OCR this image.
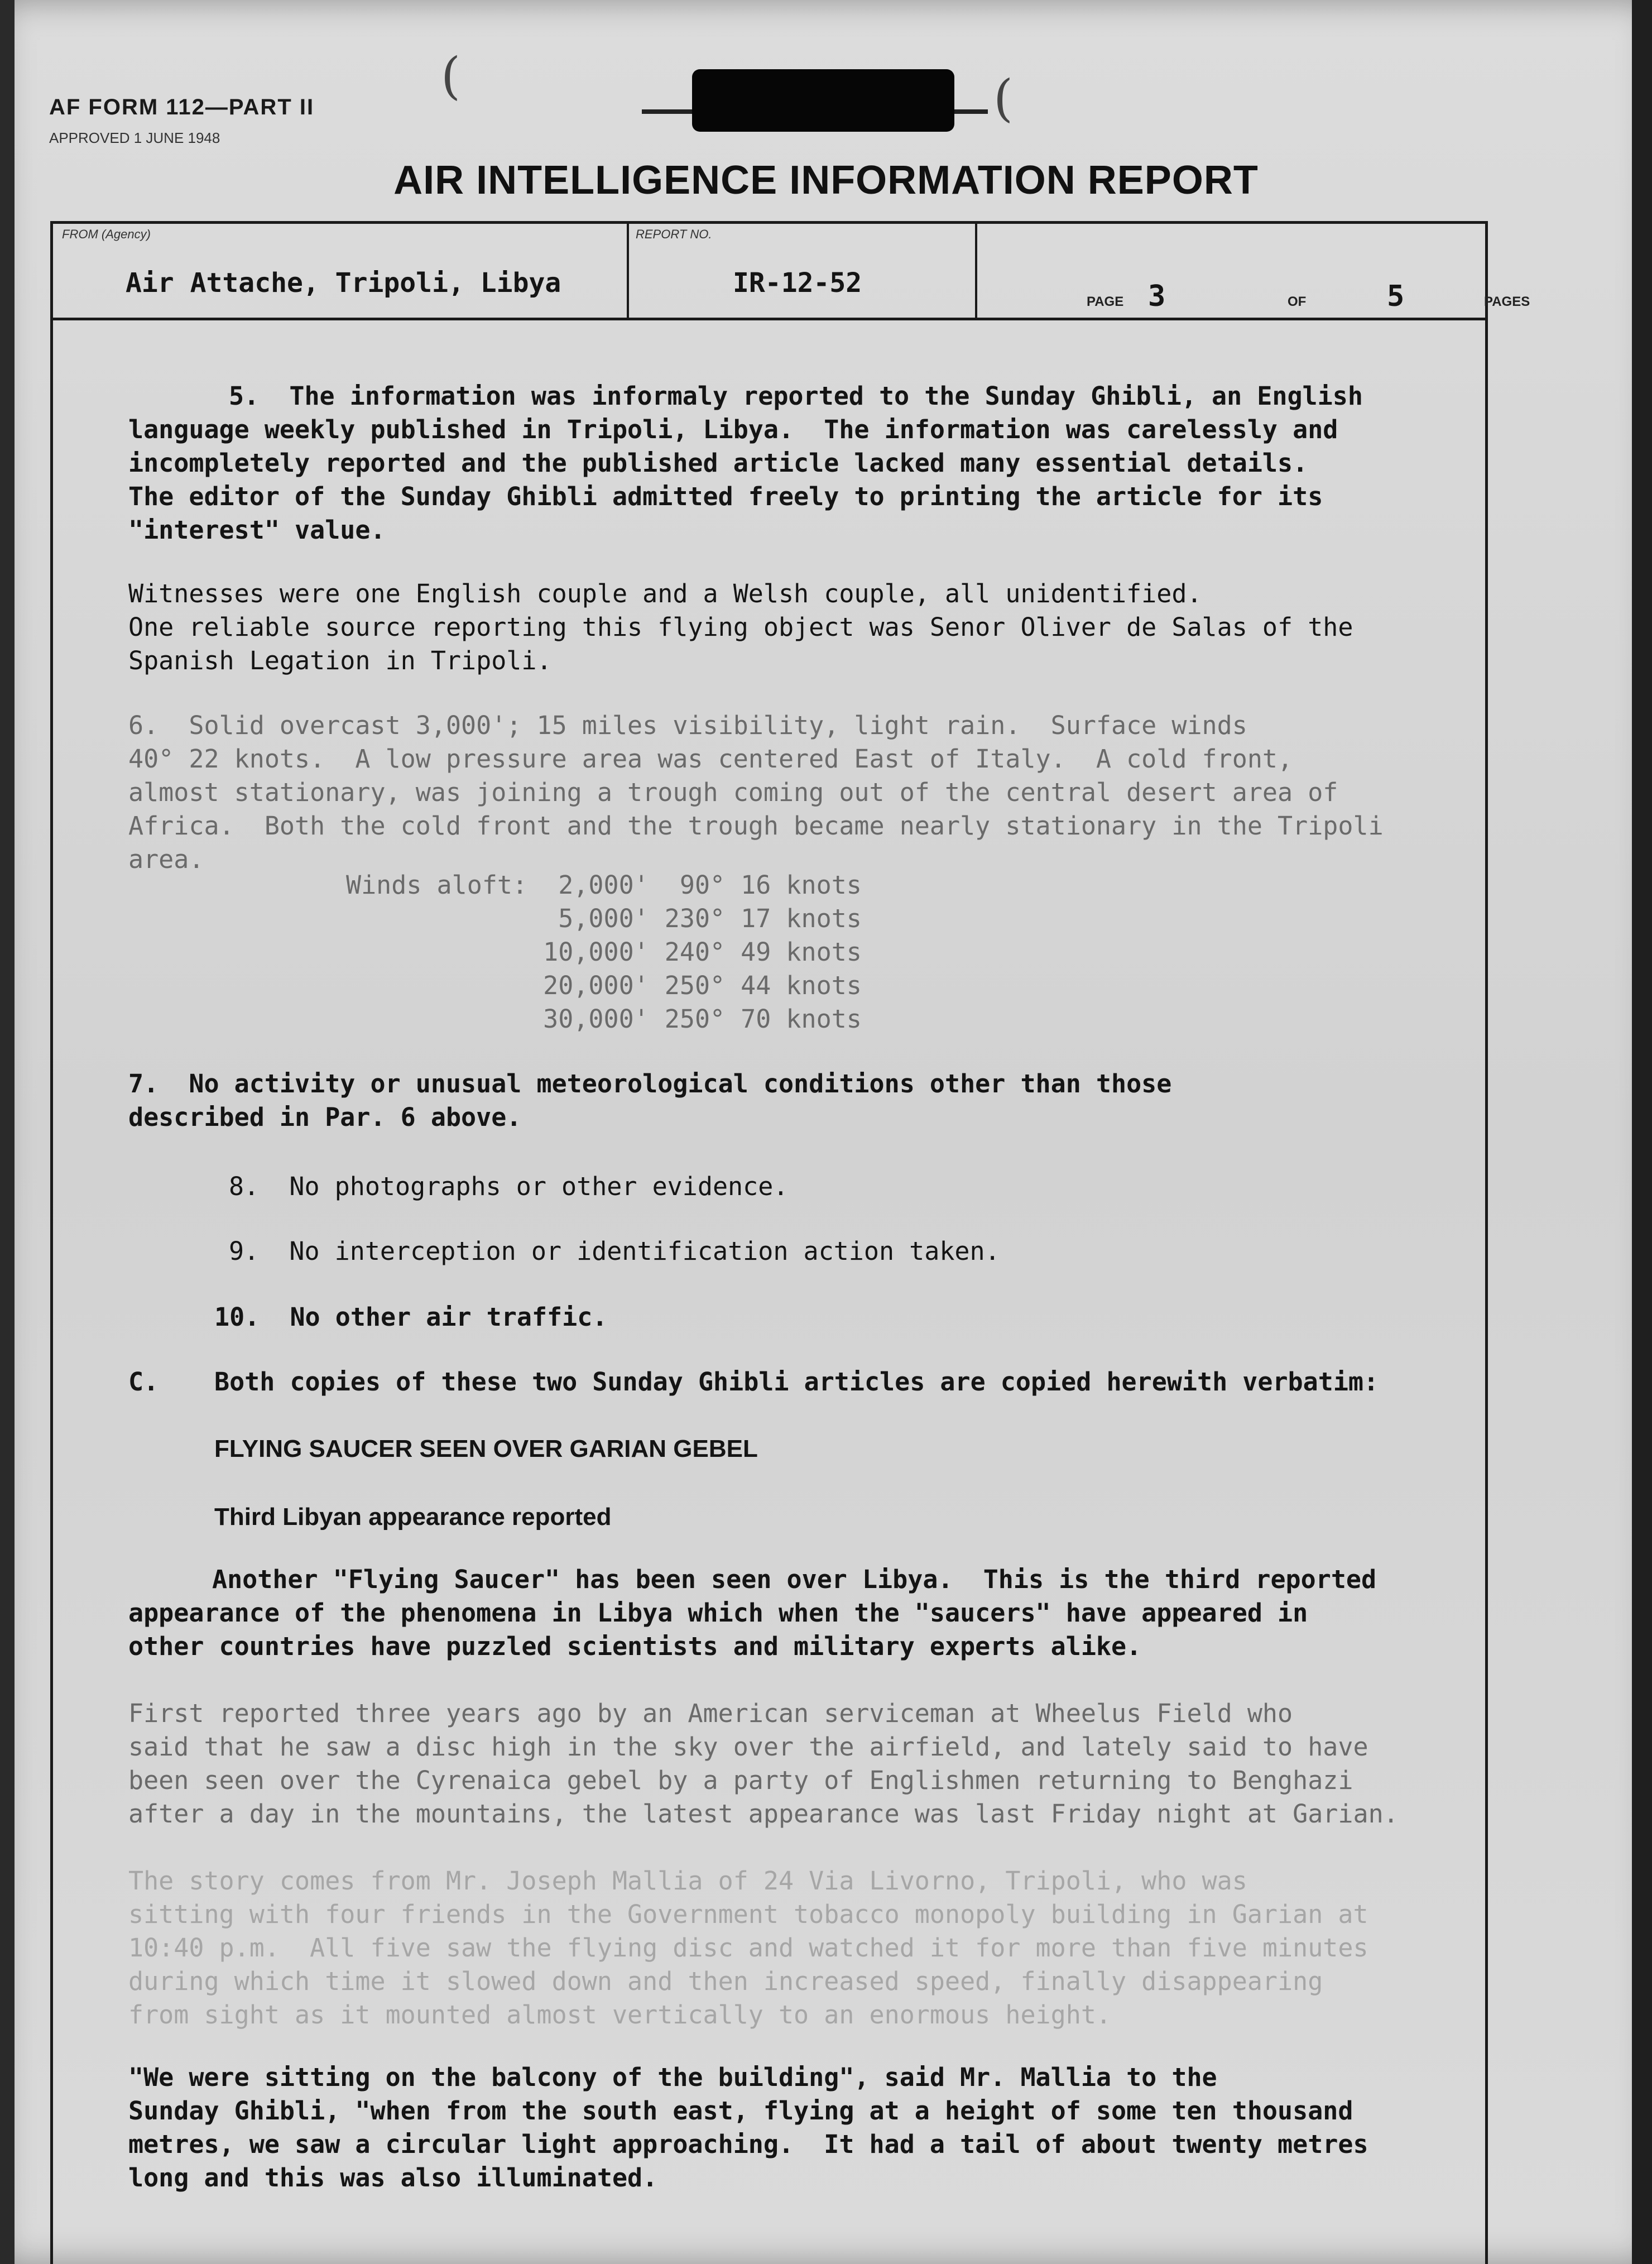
AF FORM 112—PART II
APPROVED 1 JUNE 1948
(	(
AIR INTELLIGENCE INFORMATION REPORT
FROM (Agency)
Air Attache, Tripoli, Libya
REPORT NO.
IR-12-52
PAGE 3	OF	5	PAGES

5.  The information was informaly reported to the Sunday Ghibli, an English
language weekly published in Tripoli, Libya.  The information was carelessly and
incompletely reported and the published article lacked many essential details.
The editor of the Sunday Ghibli admitted freely to printing the article for its
"interest" value.

Witnesses were one English couple and a Welsh couple, all unidentified.
One reliable source reporting this flying object was Senor Oliver de Salas of the
Spanish Legation in Tripoli.

6.  Solid overcast 3,000'; 15 miles visibility, light rain.  Surface winds
40° 22 knots.  A low pressure area was centered East of Italy.  A cold front,
almost stationary, was joining a trough coming out of the central desert area of
Africa.  Both the cold front and the trough became nearly stationary in the Tripoli
area.

Winds aloft:	2,000'	90°	16 knots
	5,000'	230°	17 knots
	10,000'	240°	49 knots
	20,000'	250°	44 knots
	30,000'	250°	70 knots

7.  No activity or unusual meteorological conditions other than those
described in Par. 6 above.

8.  No photographs or other evidence.

9.  No interception or identification action taken.

10.  No other air traffic.

C.	Both copies of these two Sunday Ghibli articles are copied herewith verbatim:
FLYING SAUCER SEEN OVER GARIAN GEBEL
Third Libyan appearance reported

Another "Flying Saucer" has been seen over Libya.  This is the third reported
appearance of the phenomena in Libya which when the "saucers" have appeared in
other countries have puzzled scientists and military experts alike.

First reported three years ago by an American serviceman at Wheelus Field who
said that he saw a disc high in the sky over the airfield, and lately said to have
been seen over the Cyrenaica gebel by a party of Englishmen returning to Benghazi
after a day in the mountains, the latest appearance was last Friday night at Garian.

The story comes from Mr. Joseph Mallia of 24 Via Livorno, Tripoli, who was
sitting with four friends in the Government tobacco monopoly building in Garian at
10:40 p.m.  All five saw the flying disc and watched it for more than five minutes
during which time it slowed down and then increased speed, finally disappearing
from sight as it mounted almost vertically to an enormous height.

"We were sitting on the balcony of the building", said Mr. Mallia to the
Sunday Ghibli, "when from the south east, flying at a height of some ten thousand
metres, we saw a circular light approaching.  It had a tail of about twenty metres
long and this was also illuminated.
